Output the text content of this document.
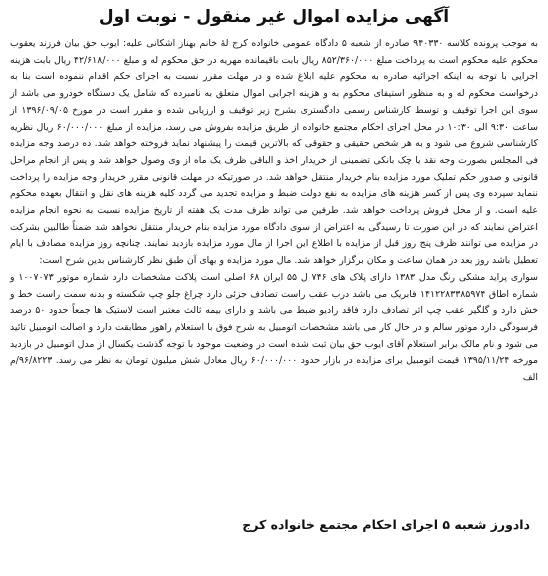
آگهی مزایده اموال غیر منقول - نوبت اول

به موجب پرونده کلاسه ۹۴۰۳۳۰ صادره از شعبه ۵ دادگاه عمومی خانواده کرج لهٔ خانم بهناز اشکانی علیه: ایوب حق بیان فرزند یعقوب محکوم علیه محکوم است به پرداخت مبلغ ۸۵۲/۳۶۰/۰۰۰ ریال بابت باقیمانده مهریه در حق محکوم له و مبلغ ۴۲/۶۱۸/۰۰۰ ریال بابت هزینه اجرایی با توجه به اینکه اجرائیه صادره به محکوم علیه ابلاغ شده و در مهلت مقرر نسبت به اجرای حکم اقدام ننموده است بنا به درخواست محکوم له و به منظور استیفای محکوم به و هزینه اجرایی اموال متعلق به نامبرده که شامل یک دستگاه خودرو می باشد از سوی این اجرا توقیف و توسط کارشناس رسمی دادگستری بشرح زیر توقیف و ارزیابی شده و مقرر است در مورخ ۱۳۹۶/۰۹/۰۵ از ساعت ۹:۳۰ الی ۱۰:۳۰ در محل اجرای احکام مجتمع خانواده از طریق مزایده بفروش می رسد، مزایده از مبلغ ۶۰/۰۰۰/۰۰۰ ریال نظریه کارشناسی شروع می شود و به هر شخص حقیقی و حقوقی که بالاترین قیمت را پیشنهاد نماید فروخته خواهد شد. ده درصد وجه مزایده فی المجلس بصورت وجه نقد یا چک بانکی تضمینی از خریدار اخذ و الباقی ظرف یک ماه از وی وصول خواهد شد و پس از انجام مراحل قانونی و صدور حکم تملیک مورد مزایده بنام خریدار منتقل خواهد شد. در صورتیکه در مهلت قانونی مقرر خریدار وجه مزایده را پرداخت ننماید سپرده وی پس از کسر هزینه های مزایده به نفع دولت ضبط و مزایده تجدید می گردد کلیه هزینه های نقل و انتقال بعهده محکوم علیه است. و از محل فروش پرداخت خواهد شد. طرفین می تواند ظرف مدت یک هفته از تاریخ مزایده نسبت به نحوه انجام مزایده اعتراض نمایند که در این صورت تا رسیدگی به اعتراض از سوی دادگاه مورد مزایده بنام خریدار منتقل نخواهد شد ضمناً طالبین بشرکت در مزایده می توانند ظرف پنج روز قبل از مزایده با اطلاع این اجرا از مال مورد مزایده بازدید نمایند. چنانچه روز مزایده مصادف با ایام تعطیل باشد روز بعد در همان ساعت و مکان برگزار خواهد شد. مال مورد مزایده و بهای آن طبق نظر کارشناس بدین شرح است:

سواری پراید مشکی رنگ مدل ۱۳۸۳ دارای پلاک های ۷۴۶ ل ۵۵ ایران ۶۸ اصلی است پلاکت مشخصات دارد شماره موتور ۱۰۰۷۰۷۳ و شماره اطاق ۱۴۱۲۲۸۳۳۸۵۹۷۴ فابریک می باشد درب عقب راست تصادف جزئی دارد چراغ جلو چپ شکسته و بدنه سمت راست خط و خش دارد و گلگیر عقب چپ اثر تصادف دارد فاقد رادیو ضبط می باشد و دارای بیمه ثالث معتبر است لاستیک ها جمعاً حدود ۵۰ درصد فرسودگی دارد موتور سالم و در حال کار می باشد مشخصات اتومبیل به شرح فوق با استعلام راهور مطابقت دارد و اصالت اتومبیل تائید می شود و نام مالک برابر استعلام آقای ایوب حق بیان ثبت شده است در وضعیت موجود با توجه گذشت یکسال از مدل اتومبیل در بازدید مورخه ۱۳۹۵/۱۱/۲۴ قیمت اتومبیل برای مزایده در بازار حدود ۶۰/۰۰۰/۰۰۰ ریال معادل شش میلیون تومان به نظر می رسد. ۹۶/۸۲۲۳/م الف

دادورز شعبه ۵ اجرای احکام مجتمع خانواده کرج
